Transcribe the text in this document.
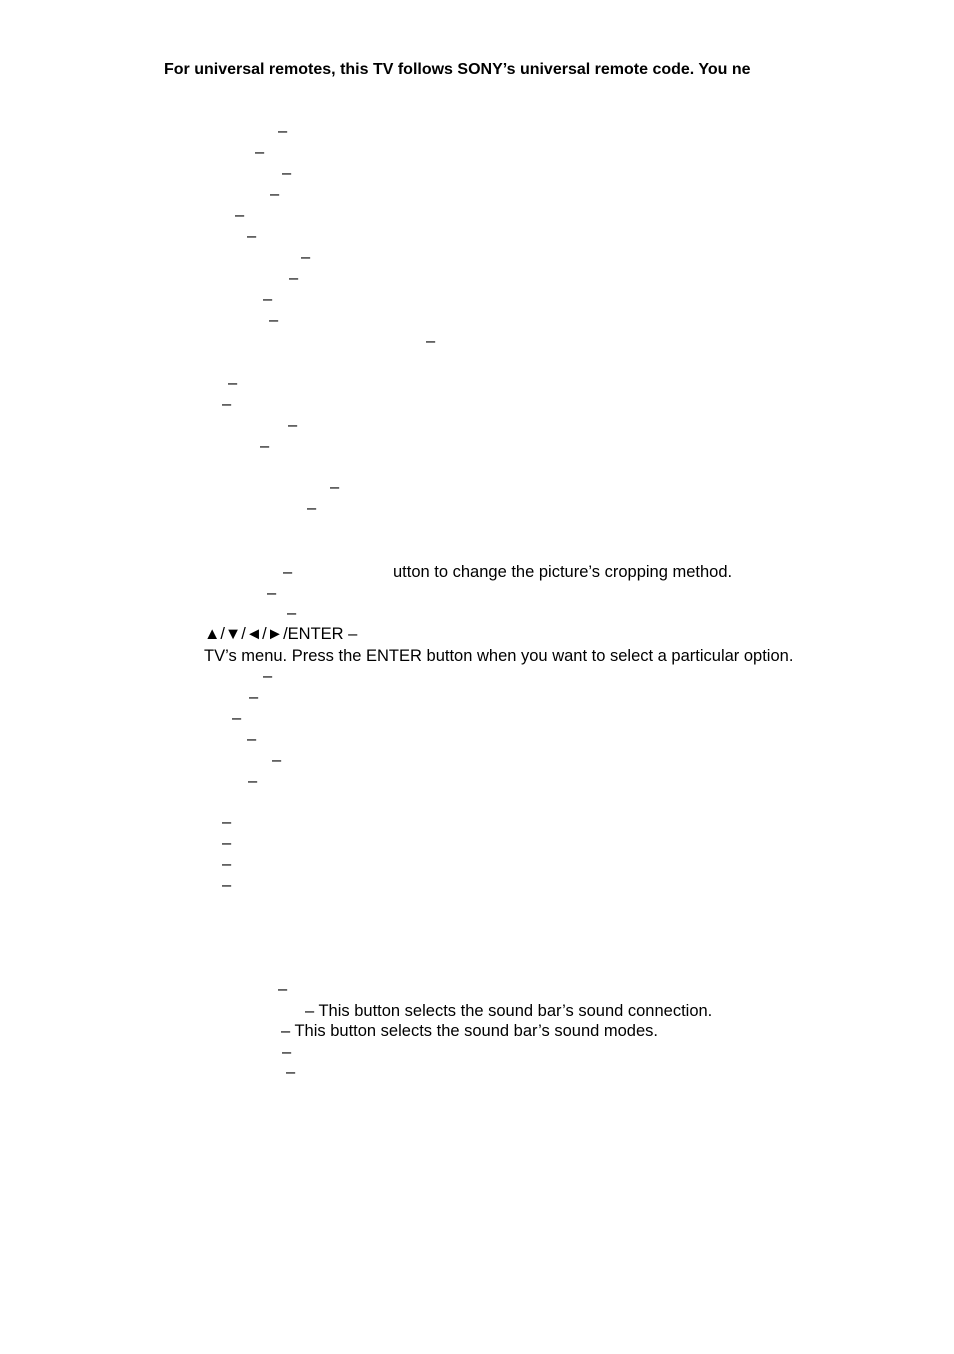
For universal remotes, this TV follows SONY’s universal remote code. You ne
–
–
–
–
–
–
–
–
–
–
–
–
–
–
–
–
–
–	utton to change the picture’s cropping method.
–
–
▲/▼/◄/►/ENTER –
TV’s menu. Press the ENTER button when you want to select a particular option.
–
–
–
–
–
–
–
–
–
–
–
– This button selects the sound bar’s sound connection.
– This button selects the sound bar’s sound modes.
–
–
